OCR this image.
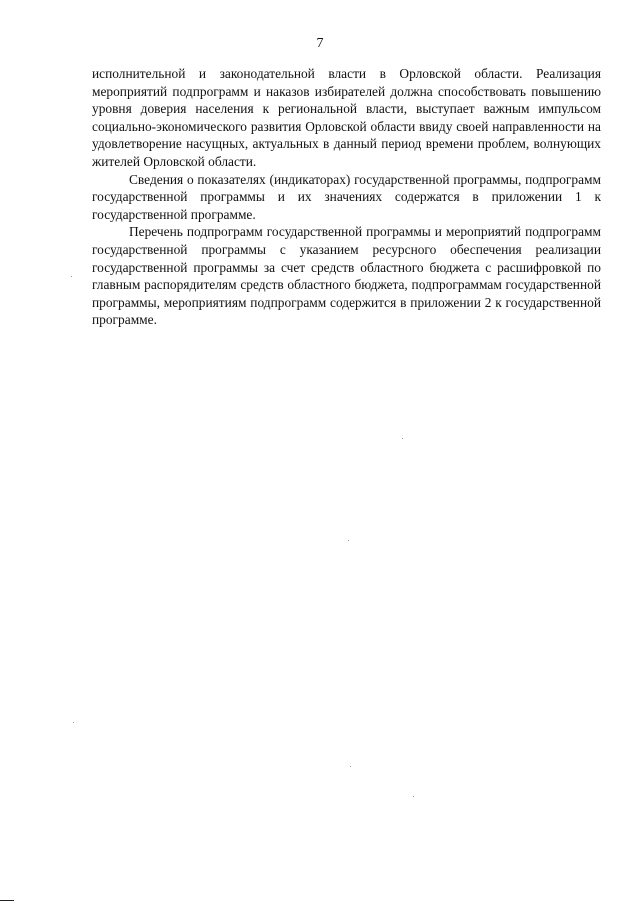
7

исполнительной и законодательной власти в Орловской области. Реализация мероприятий подпрограмм и наказов избирателей должна способствовать повышению уровня доверия населения к региональной власти, выступает важным импульсом социально-экономического развития Орловской области ввиду своей направленности на удовлетворение насущных, актуальных в данный период времени проблем, волнующих жителей Орловской области.

Сведения о показателях (индикаторах) государственной программы, подпрограмм государственной программы и их значениях содержатся в приложении 1 к государственной программе.

Перечень подпрограмм государственной программы и мероприятий подпрограмм государственной программы с указанием ресурсного обеспечения реализации государственной программы за счет средств областного бюджета с расшифровкой по главным распорядителям средств областного бюджета, подпрограммам государственной программы, мероприятиям подпрограмм содержится в приложении 2 к государственной программе.
